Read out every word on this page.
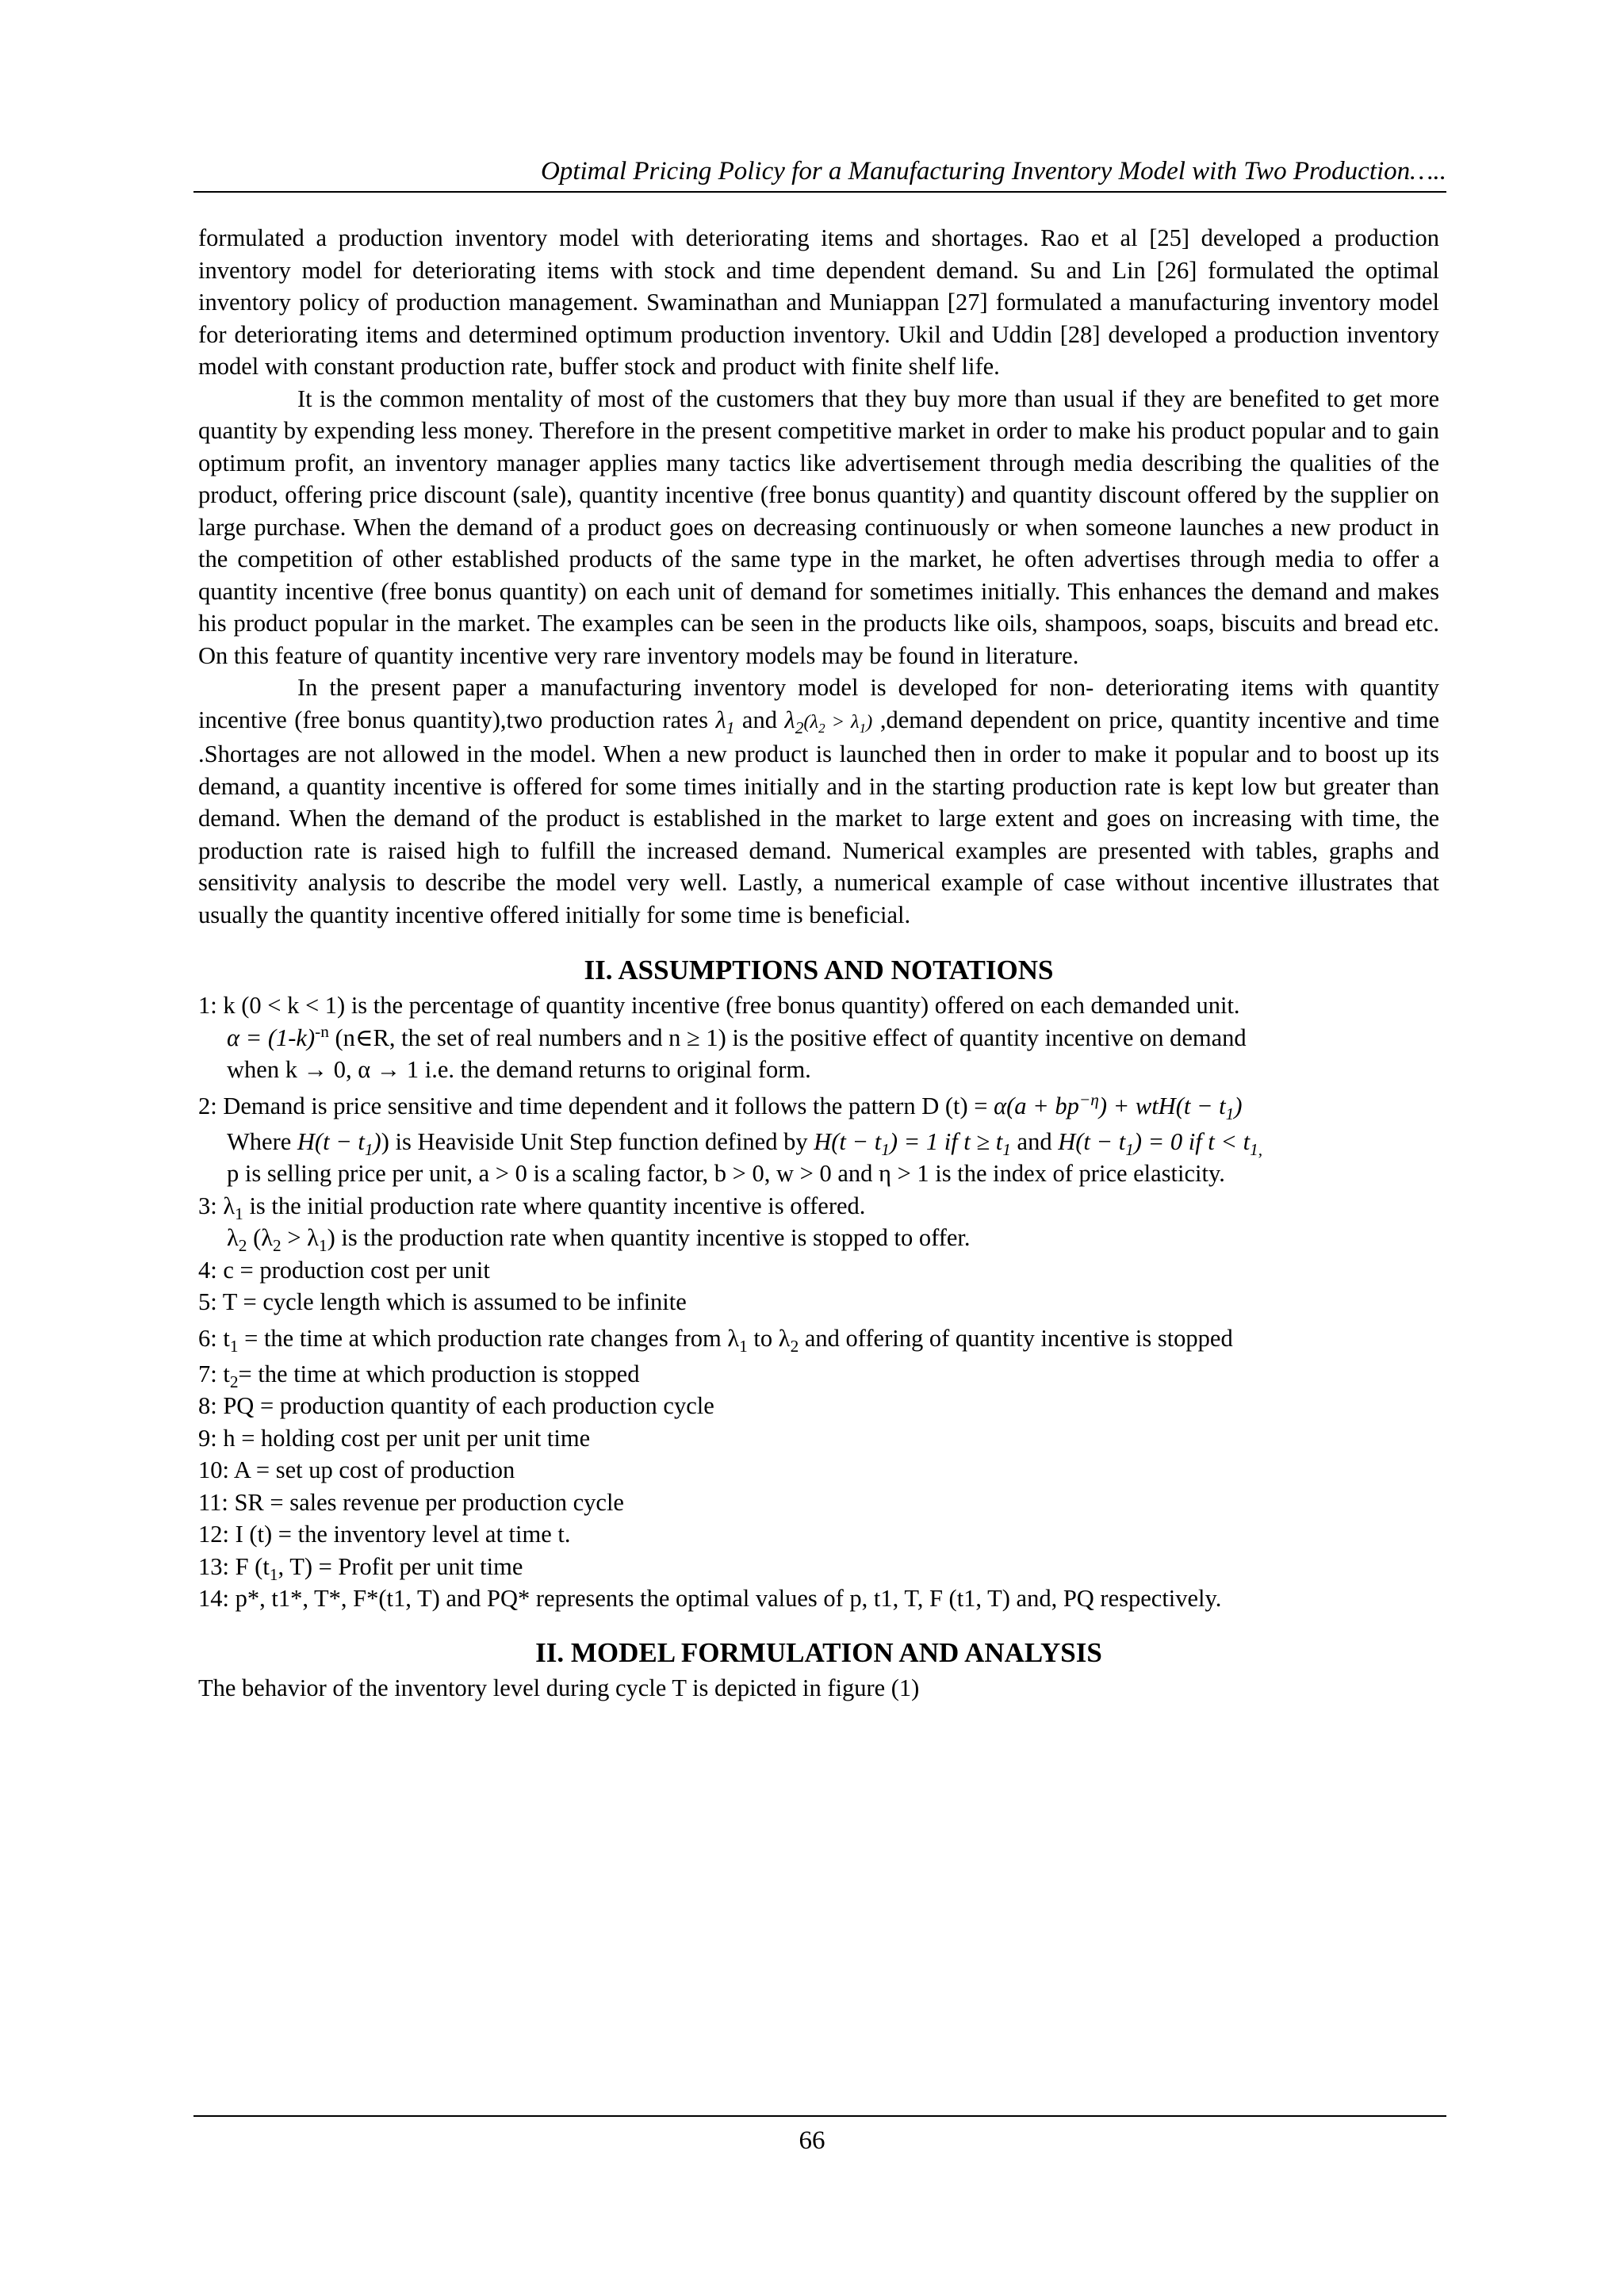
Optimal Pricing Policy for a Manufacturing Inventory Model with Two Production…..

formulated a production inventory model with deteriorating items and shortages. Rao et al [25] developed a production inventory model for deteriorating items with stock and time dependent demand. Su and Lin [26] formulated the optimal inventory policy of production management. Swaminathan and Muniappan [27] formulated a manufacturing inventory model for deteriorating items and determined optimum production inventory. Ukil and Uddin [28] developed a production inventory model with constant production rate, buffer stock and product with finite shelf life.

It is the common mentality of most of the customers that they buy more than usual if they are benefited to get more quantity by expending less money. Therefore in the present competitive market in order to make his product popular and to gain optimum profit, an inventory manager applies many tactics like advertisement through media describing the qualities of the product, offering price discount (sale), quantity incentive (free bonus quantity) and quantity discount offered by the supplier on large purchase. When the demand of a product goes on decreasing continuously or when someone launches a new product in the competition of other established products of the same type in the market, he often advertises through media to offer a quantity incentive (free bonus quantity) on each unit of demand for sometimes initially. This enhances the demand and makes his product popular in the market. The examples can be seen in the products like oils, shampoos, soaps, biscuits and bread etc. On this feature of quantity incentive very rare inventory models may be found in literature.

In the present paper a manufacturing inventory model is developed for non- deteriorating items with quantity incentive (free bonus quantity),two production rates $\lambda_1$ and $\lambda_2(\lambda_2 > \lambda_1)$ ,demand dependent on price, quantity incentive and time .Shortages are not allowed in the model. When a new product is launched then in order to make it popular and to boost up its demand, a quantity incentive is offered for some times initially and in the starting production rate is kept low but greater than demand. When the demand of the product is established in the market to large extent and goes on increasing with time, the production rate is raised high to fulfill the increased demand. Numerical examples are presented with tables, graphs and sensitivity analysis to describe the model very well. Lastly, a numerical example of case without incentive illustrates that usually the quantity incentive offered initially for some time is beneficial.

II. ASSUMPTIONS AND NOTATIONS

1: k (0 < k < 1) is the percentage of quantity incentive (free bonus quantity) offered on each demanded unit.

$\alpha = (1-k)^{-n}$ (n∈R, the set of real numbers and n ≥ 1) is the positive effect of quantity incentive on demand

when k → 0, α → 1 i.e. the demand returns to original form.

2: Demand is price sensitive and time dependent and it follows the pattern D $(t) = \alpha(a + bp^{-\eta}) + wtH(t - t_1)$

Where $H(t - t_1)$) is Heaviside Unit Step function defined by $H(t - t_1) = 1$ if $t \ge t_1$ and $H(t - t_1) = 0$ if $t < t_{1,}$

p is selling price per unit, a > 0 is a scaling factor, b > 0, w > 0 and η > 1 is the index of price elasticity.

3: $\lambda_1$ is the initial production rate where quantity incentive is offered.

$\lambda_2$ $(\lambda_2 > \lambda_1)$ is the production rate when quantity incentive is stopped to offer.

4: c = production cost per unit

5: T = cycle length which is assumed to be infinite

6: $t_1$ = the time at which production rate changes from $\lambda_1$ to $\lambda_2$ and offering of quantity incentive is stopped

7: $t_2=$ the time at which production is stopped

8: PQ = production quantity of each production cycle

9: h = holding cost per unit per unit time

10: A = set up cost of production

11: SR = sales revenue per production cycle

12: I (t) = the inventory level at time t.

13: F ($t_1$, T) = Profit per unit time

14: p*, t1*, T*, F*(t1, T) and PQ* represents the optimal values of p, t1, T, F (t1, T) and, PQ respectively.

II. MODEL FORMULATION AND ANALYSIS

The behavior of the inventory level during cycle T is depicted in figure (1)

66
